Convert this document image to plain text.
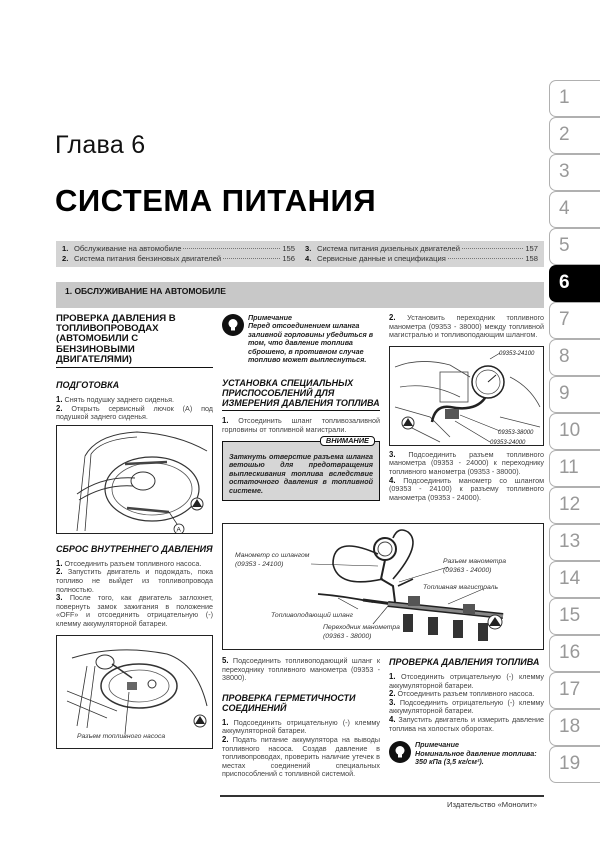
Глава 6
СИСТЕМА ПИТАНИЯ
1. Обслуживание на автомобиле	155 3. Система питания дизельных двигателей	157
2. Система питания бензиновых двигателей	156 4. Сервисные данные и спецификация	158
1. ОБСЛУЖИВАНИЕ НА АВТОМОБИЛЕ
ПРОВЕРКА ДАВЛЕНИЯ В ТОПЛИВОПРОВОДАХ (АВТОМОБИЛИ С БЕНЗИНОВЫМИ ДВИГАТЕЛЯМИ)
ПОДГОТОВКА
1. Снять подушку заднего сиденья.
2. Открыть сервисный лючок (А) под подушкой заднего сиденья.
A
СБРОС ВНУТРЕННЕГО ДАВЛЕНИЯ
1. Отсоединить разъем топливного насоса.
2. Запустить двигатель и подождать, пока топливо не выйдет из топливопровода полностью.
3. После того, как двигатель заглохнет, повернуть замок зажигания в положение «OFF» и отсоединить отрицательную (-) клемму аккумуляторной батареи.
Разъем топливного насоса
Примечание
Перед отсоединением шланга заливной горловины убедиться в том, что давление топлива сброшено, в противном случае топливо может выплеснуться.
УСТАНОВКА СПЕЦИАЛЬНЫХ ПРИСПОСОБЛЕНИЙ ДЛЯ ИЗМЕРЕНИЯ ДАВЛЕНИЯ ТОПЛИВА
1. Отсоединить шланг топливозаливной горловины от топливной магистрали.
ВНИМАНИЕ
Заткнуть отверстие разъема шланга ветошью для предотвращения выплескивания топлива вследствие остаточного давления в топливной системе.
2. Установить переходник топливного манометра (09353 - 38000) между топливной магистралью и топливоподающим шлангом.
09353-24100
09353-38000
09353-24000
3. Подсоединить разъем топливного манометра (09353 - 24000) к переходнику топливного манометра (09353 - 38000).
4. Подсоединить манометр со шлангом (09353 - 24100) к разъему топливного манометра (09353 - 24000).
Манометр со шлангом (09353 - 24100)	Разъем манометра (09363 - 24000)
Топливная магистраль
Топливоподающий шланг
Переходник манометра (09363 - 38000)
5. Подсоединить топливоподающий шланг к переходнику топливного манометра (09353 - 38000).
ПРОВЕРКА ГЕРМЕТИЧНОСТИ СОЕДИНЕНИЙ
1. Подсоединить отрицательную (-) клемму аккумуляторной батареи.
2. Подать питание аккумулятора на выводы топливного насоса. Создав давление в топливопроводах, проверить наличие утечек в местах соединений специальных приспособлений с топливной системой.
ПРОВЕРКА ДАВЛЕНИЯ ТОПЛИВА
1. Отсоединить отрицательную (-) клемму аккумуляторной батареи.
2. Отсоединить разъем топливного насоса.
3. Подсоединить отрицательную (-) клемму аккумуляторной батареи.
4. Запустить двигатель и измерить давление топлива на холостых оборотах.
Примечание
Номинальное давление топлива: 350 кПа (3,5 кг/см²).
1
2
3
4
5
6
7
8
9
10
11
12
13
14
15
16
17
18
19
Издательство «Монолит»
